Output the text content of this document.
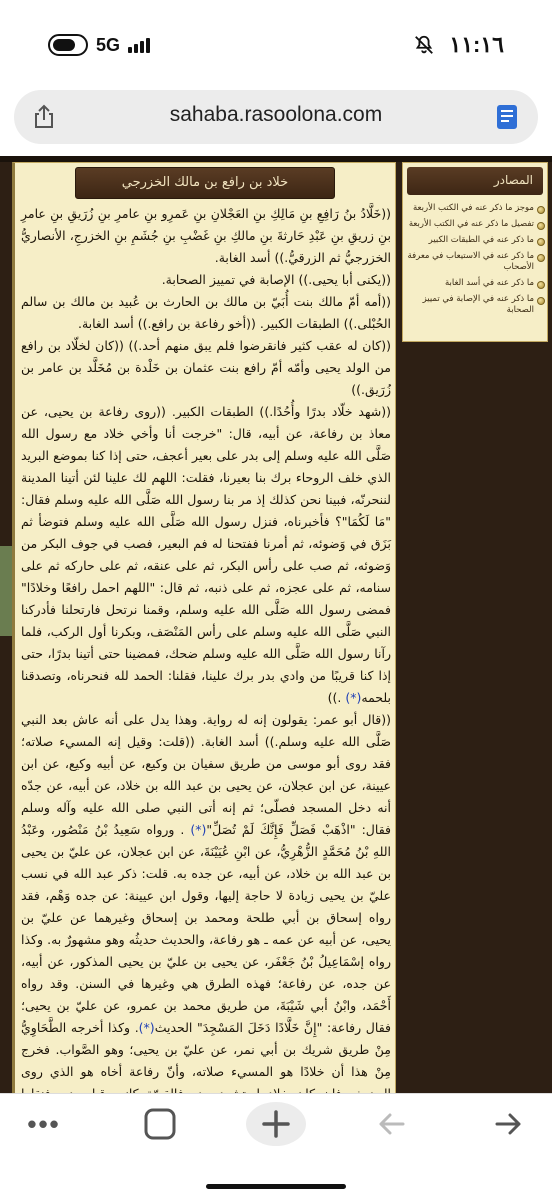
5G	١١:١٦
sahaba.rasoolona.com
خلاد بن رافع بن مالك الخزرجي

((خَلَّادُ بنُ رَافِعِ بنِ مَالِكِ بنِ العَجْلانِ بنِ عَمرِو بنِ عامرِ بنِ زُرَيقِ بنِ عامرِ بنِ زريقِ بنِ عَبْدِ حَارثةَ بنِ مالكِ بنِ غَضْبِ بنِ جُشَمِ بنِ الخزرجِ، الأنصاريُّ الخزرجيُّ ثم الزرقيُّ.)) أسد الغابة.

((يكنى أبا يحيى.)) الإصابة في تمييز الصحابة.

((أمه أمّ مالك بنت أُبَيّ بن مالك بن الحارث بن عُبيد بن مالك بن سالم الحُبْلى.)) الطبقات الكبير. ((أخو رفاعة بن رافع.)) أسد الغابة.

((كان له عقب كثير فانقرضوا فلم يبق منهم أحد.)) ((كان لخلّاد بن رافع من الولد يحيى وأمّه أمّ رافع بنت عثمان بن خَلْدة بن مُخَلَّد بن عامر بن زُرَيق.))

((شهد خلّاد بدرًا وأُحُدًا.)) الطبقات الكبير. ((روى رفاعة بن يحيى، عن معاذ بن رفاعة، عن أبيه، قال: "خرجت أنا وأخي خلاد مع رسول الله صَلَّى الله عليه وسلم إلى بدر على بعير أعجف، حتى إذا كنا بموضع البريد الذي خلف الروحاء برك بنا بعيرنا، فقلت: اللهم لك علينا لئن أتينا المدينة لننحرنّه، فبينا نحن كذلك إذ مر بنا رسول الله صَلَّى الله عليه وسلم فقال: "مَا لَكُمَا"؟ فأخبرناه، فنزل رسول الله صَلَّى الله عليه وسلم فتوضأ ثم بَزَق في وَضوئه، ثم أمرنا ففتحنا له فم البعير، فصب في جوف البكر من وَضوئه، ثم صب على رأس البكر، ثم على عنقه، ثم على حاركه ثم على سنامه، ثم على عجزه، ثم على ذنبه، ثم قال: "اللهم احمل رافعًا وخلادًا" فمضى رسول الله صَلَّى الله عليه وسلم، وقمنا نرتحل فارتحلنا فأدركنا النبي صَلَّى الله عليه وسلم على رأس المَنْصَف، وبكرنا أول الركب، فلما رآنا رسول الله صَلَّى الله عليه وسلم ضحك، فمضينا حتى أتينا بدرًا، حتى إذا كنا قريبًا من وادي بدر برك علينا، فقلنا: الحمد لله فنحرناه، وتصدقنا بلحمه(*) .))

((قال أبو عمر: يقولون إنه له رواية. وهذا يدل على أنه عاش بعد النبي صَلَّى الله عليه وسلم.)) أسد الغابة. ((قلت: وقيل إنه المسيء صلاته؛ فقد روى أبو موسى من طريق سفيان بن وكيع، عن أبيه وكيع، عن ابن عيينة، عن ابن عجلان، عن يحيى بن عبد الله بن خلاد، عن أبيه، عن جدّه أنه دخل المسجد فصلّى؛ ثم إنه أتى النبي صلى الله عليه وآله وسلم فقال: "اذْهَبْ فَصَلِّ فَإِنَّكَ لَمْ تُصَلِّ"(*) . ورواه سَعِيدُ بْنُ مَنْصُور، وعَبْدُ اللهِ بْنُ مُحَمَّدٍ الزُّهْرِيُّ، عن ابْنِ عُيَيْنَةَ، عن ابن عجلان، عن عليّ بن يحيى بن عبد الله بن خلاد، عن أبيه، عن جده به. قلت: ذكر عبد الله في نسب عليّ بن يحيى زيادة لا حاجة إليها، وقول ابن عيينة: عن جده وَهْم، فقد رواه إسحاق بن أبي طلحة ومحمد بن إسحاق وغيرهما عن عليّ بن يحيى، عن أبيه عن عمه ـ هو رفاعة، والحديث حديثُه وهو مشهورٌ به. وكذا رواه إسْمَاعِيلُ بْنُ جَعْفَر، عن يحيى بن عليّ بن يحيى المذكور، عن أبيه، عن جده، عن رفاعة؛ فهذه الطرق هي وغيرها في السنن. وقد رواه أَحْمَد، وابْنُ أبي شَيْبَةَ، من طريق محمد بن عمرو، عن عليّ بن يحيى؛ فقال رفاعة: "إِنَّ خَلَّادًا دَخَلَ المَسْجِدَ" الحديث(*). وكذا أخرجه الطَّحَاوِيُّ مِنْ طريق شريك بن أبي نمر، عن عليّ بن يحيى؛ وهو الصَّواب. فخرج مِنْ هذا أن خلادًا هو المسيء صلاته، وأنّ رفاعة أخاه هو الذي روى

المصادر
موجز ما ذكر عنه في الكتب الأربعة
تفصيل ما ذكر عنه في الكتب الأربعة
ما ذكر عنه في الطبقات الكبير
ما ذكر عنه في الاستيعاب في معرفة الأصحاب
ما ذكر عنه في أسد الغابة
ما ذكر عنه في الإصابة في تمييز الصحابة
•••
